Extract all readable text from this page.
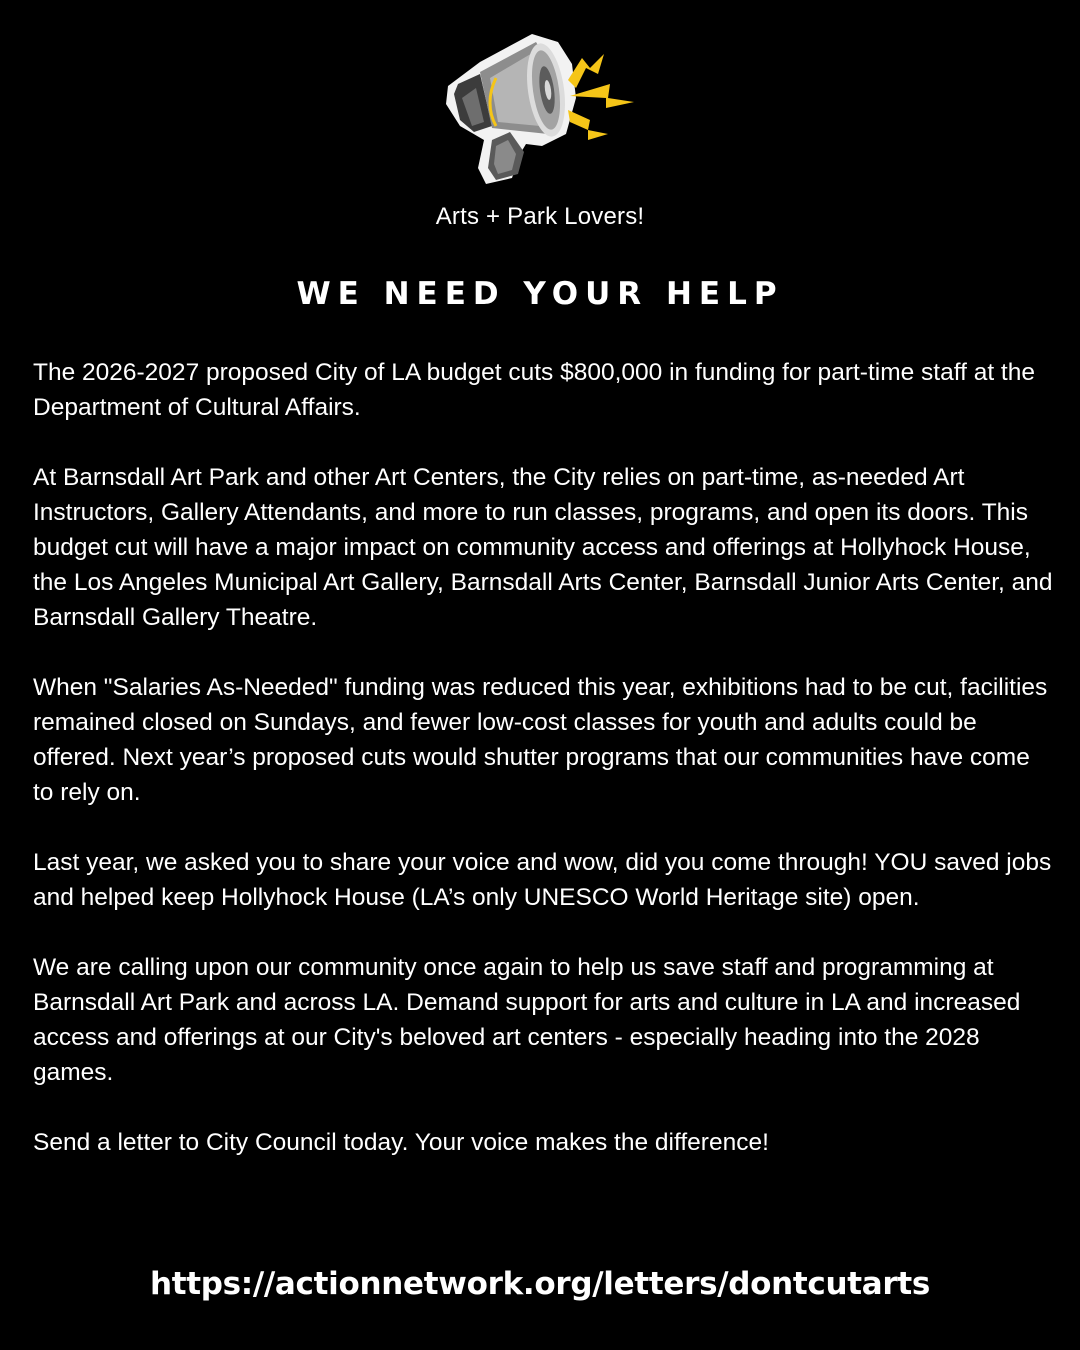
Arts + Park Lovers!
WE NEED YOUR HELP

The 2026-2027 proposed City of LA budget cuts $800,000 in funding for part-time staff at the Department of Cultural Affairs.

At Barnsdall Art Park and other Art Centers, the City relies on part-time, as-needed Art Instructors, Gallery Attendants, and more to run classes, programs, and open its doors. This budget cut will have a major impact on community access and offerings at Hollyhock House, the Los Angeles Municipal Art Gallery, Barnsdall Arts Center, Barnsdall Junior Arts Center, and Barnsdall Gallery Theatre.

When "Salaries As-Needed" funding was reduced this year, exhibitions had to be cut, facilities remained closed on Sundays, and fewer low-cost classes for youth and adults could be offered. Next year’s proposed cuts would shutter programs that our communities have come to rely on.

Last year, we asked you to share your voice and wow, did you come through! YOU saved jobs and helped keep Hollyhock House (LA’s only UNESCO World Heritage site) open.

We are calling upon our community once again to help us save staff and programming at Barnsdall Art Park and across LA. Demand support for arts and culture in LA and increased access and offerings at our City's beloved art centers - especially heading into the 2028 games.

Send a letter to City Council today. Your voice makes the difference!

https://actionnetwork.org/letters/dontcutarts
